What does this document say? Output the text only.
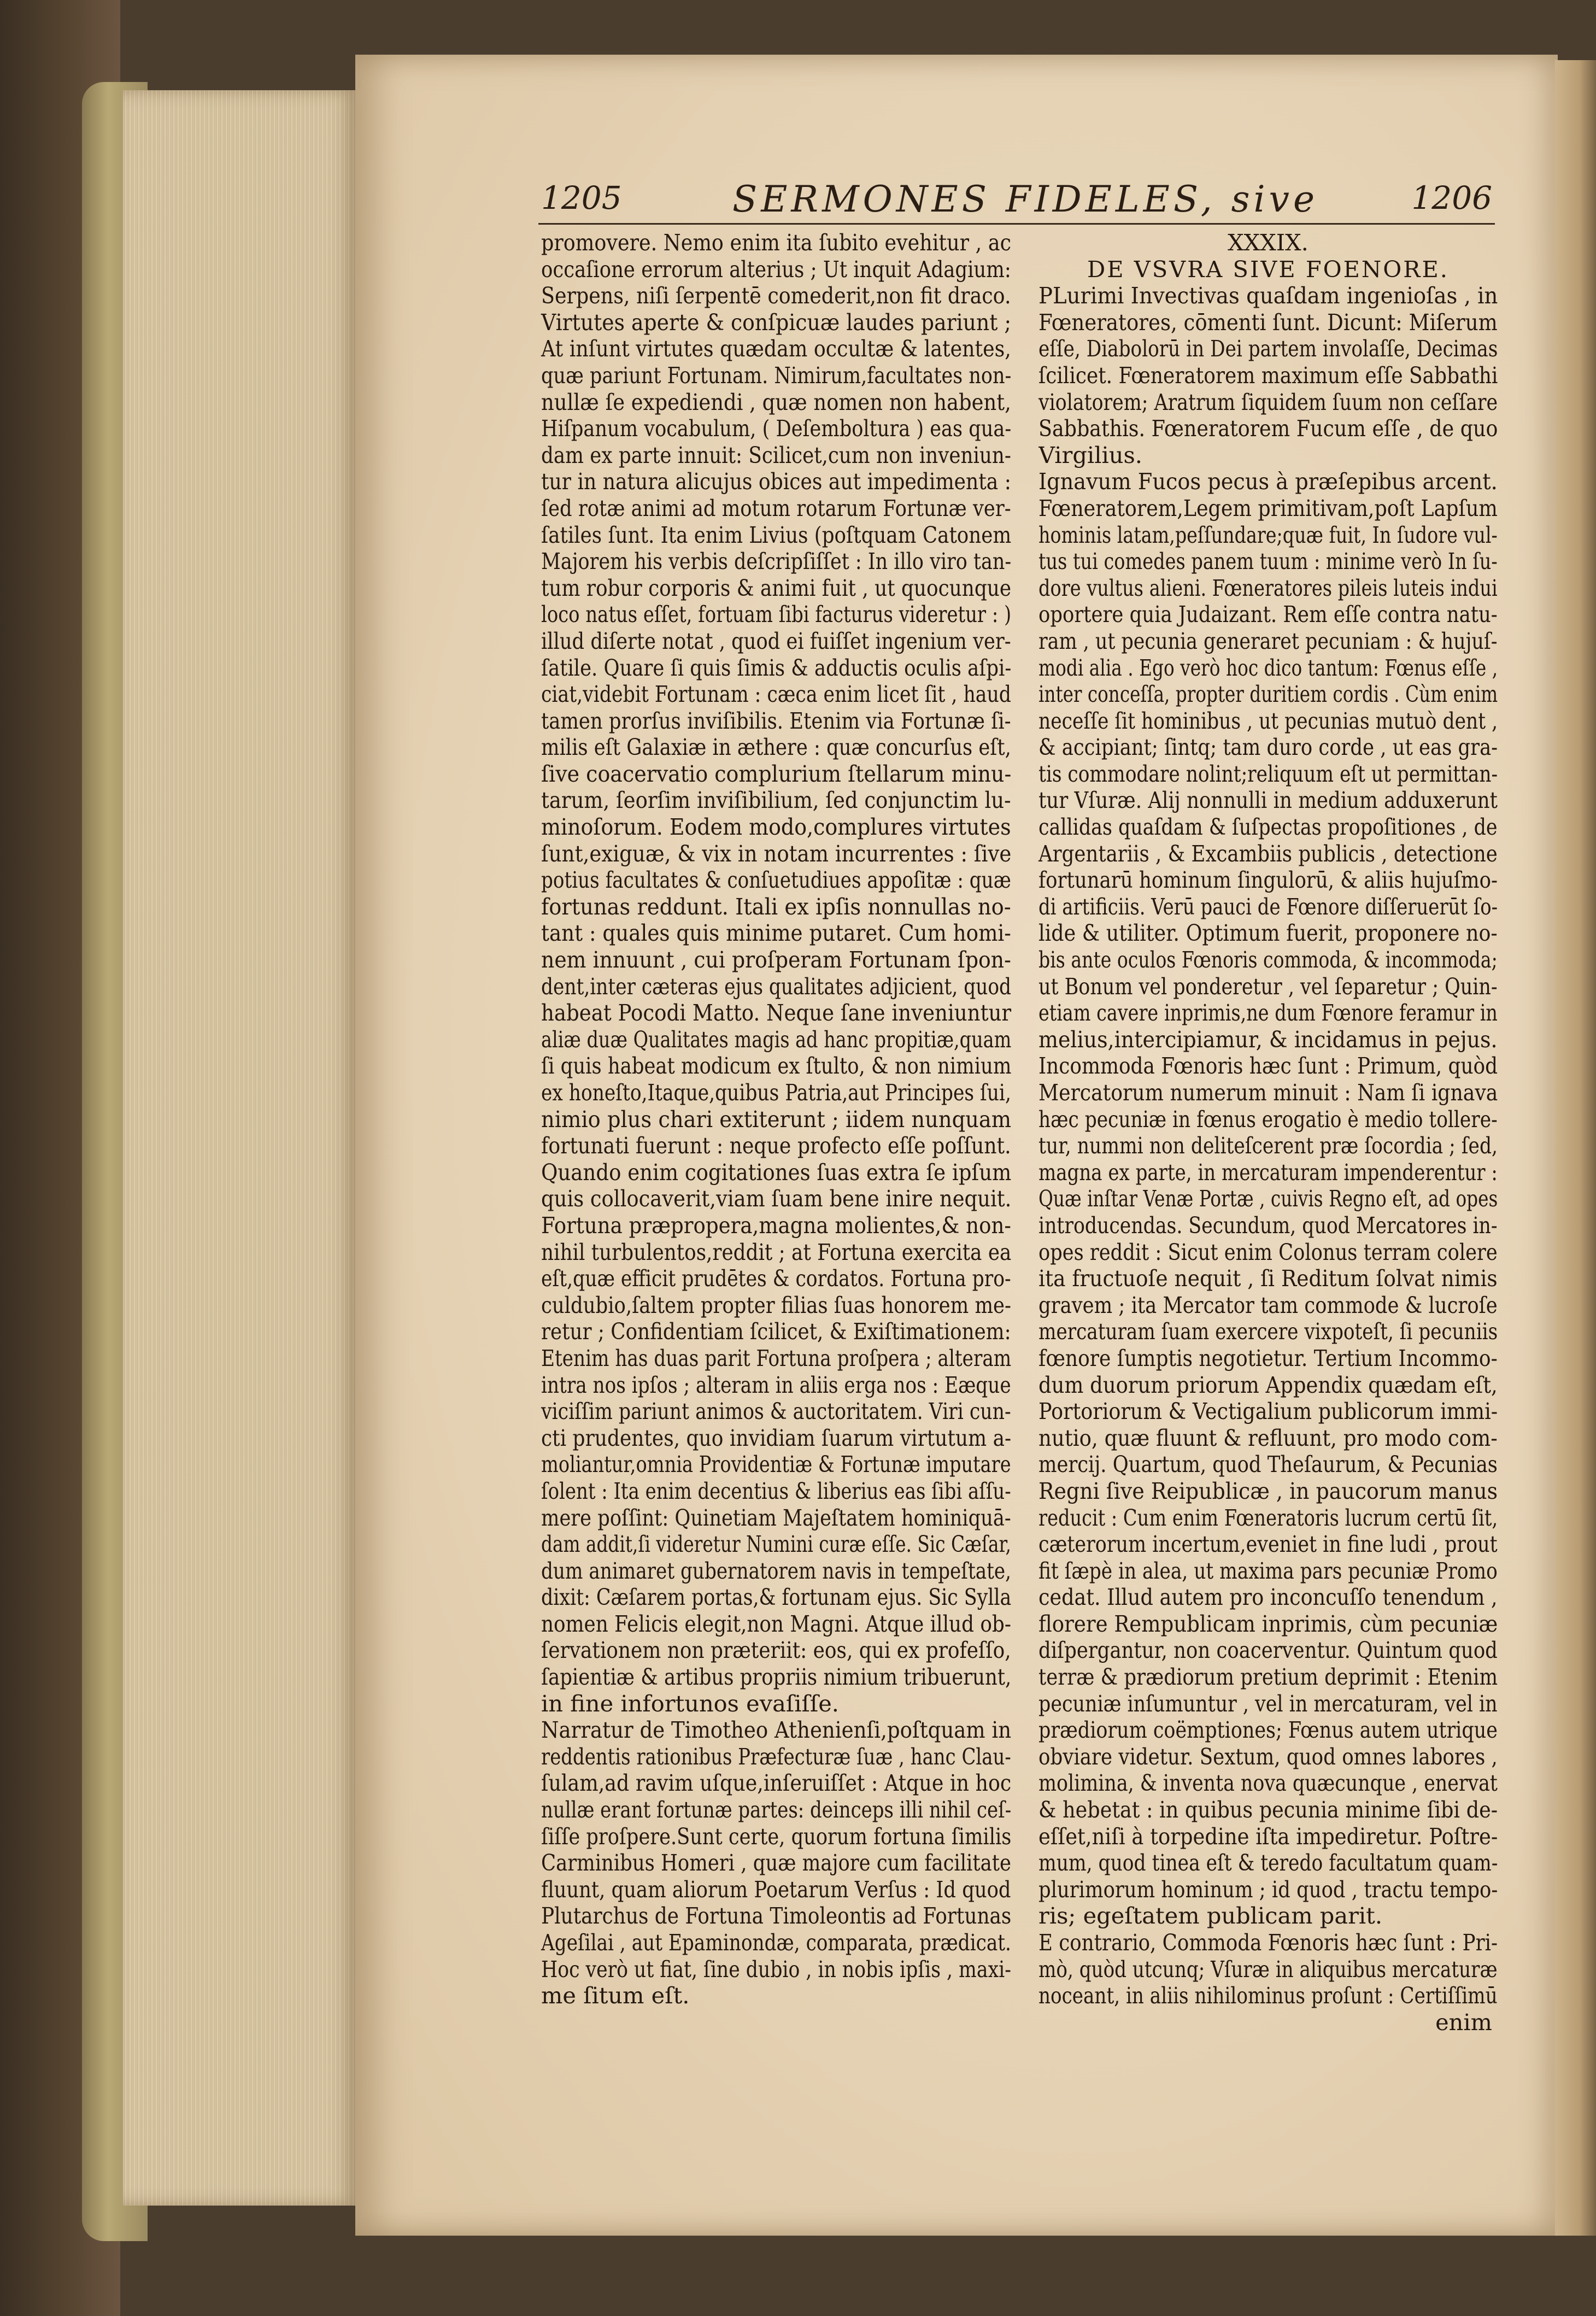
1205	SERMONES FIDELES, sive	1206
promovere. Nemo enim ita ſubito evehitur , ac
occaſione errorum alterius ; Ut inquit Adagium:
Serpens, niſi ſerpentē comederit,non fit draco.
Virtutes aperte & conſpicuæ laudes pariunt ;
At inſunt virtutes quædam occultæ & latentes,
quæ pariunt Fortunam. Nimirum,facultates non-
nullæ ſe expediendi , quæ nomen non habent,
Hiſpanum vocabulum, ( Deſemboltura ) eas qua-
dam ex parte innuit: Scilicet,cum non inveniun-
tur in natura alicujus obices aut impedimenta :
ſed rotæ animi ad motum rotarum Fortunæ ver-
ſatiles ſunt. Ita enim Livius (poſtquam Catonem
Majorem his verbis deſcripſiſſet : In illo viro tan-
tum robur corporis & animi fuit , ut quocunque
loco natus eſſet, fortuam ſibi facturus videretur : )
illud diſerte notat , quod ei fuiſſet ingenium ver-
ſatile. Quare ſi quis ſimis & adductis oculis aſpi-
ciat,videbit Fortunam : cæca enim licet ſit , haud
tamen prorſus inviſibilis. Etenim via Fortunæ ſi-
milis eſt Galaxiæ in æthere : quæ concurſus eſt,
ſive coacervatio complurium ſtellarum minu-
tarum, ſeorſim inviſibilium, ſed conjunctim lu-
minoſorum. Eodem modo,complures virtutes
ſunt,exiguæ, & vix in notam incurrentes : ſive
potius facultates & conſuetudiues appoſitæ : quæ
fortunas reddunt. Itali ex ipſis nonnullas no-
tant : quales quis minime putaret. Cum homi-
nem innuunt , cui proſperam Fortunam ſpon-
dent,inter cæteras ejus qualitates adjicient, quod
habeat Pocodi Matto. Neque ſane inveniuntur
aliæ duæ Qualitates magis ad hanc propitiæ,quam
ſi quis habeat modicum ex ſtulto, & non nimium
ex honeſto,Itaque,quibus Patria,aut Principes ſui,
nimio plus chari extiterunt ; iidem nunquam
fortunati fuerunt : neque profecto eſſe poſſunt.
Quando enim cogitationes ſuas extra ſe ipſum
quis collocaverit,viam ſuam bene inire nequit.
Fortuna præpropera,magna molientes,& non-
nihil turbulentos,reddit ; at Fortuna exercita ea
eſt,quæ efficit prudētes & cordatos. Fortuna pro-
culdubio,ſaltem propter filias ſuas honorem me-
retur ; Confidentiam ſcilicet, & Exiſtimationem:
Etenim has duas parit Fortuna proſpera ; alteram
intra nos ipſos ; alteram in aliis erga nos : Eæque
viciſſim pariunt animos & auctoritatem. Viri cun-
cti prudentes, quo invidiam ſuarum virtutum a-
moliantur,omnia Providentiæ & Fortunæ imputare
ſolent : Ita enim decentius & liberius eas ſibi aſſu-
mere poſſint: Quinetiam Majeſtatem hominiquā-
dam addit,ſi videretur Numini curæ eſſe. Sic Cæſar,
dum animaret gubernatorem navis in tempeſtate,
dixit: Cæſarem portas,& fortunam ejus. Sic Sylla
nomen Felicis elegit,non Magni. Atque illud ob-
ſervationem non præteriit: eos, qui ex profeſſo,
ſapientiæ & artibus propriis nimium tribuerunt,
in fine infortunos evaſiſſe.
Narratur de Timotheo Athenienſi,poſtquam in
reddentis rationibus Præfecturæ ſuæ , hanc Clau-
ſulam,ad ravim uſque,inſeruiſſet : Atque in hoc
nullæ erant fortunæ partes: deinceps illi nihil ceſ-
ſiſſe proſpere.Sunt certe, quorum fortuna ſimilis
Carminibus Homeri , quæ majore cum facilitate
fluunt, quam aliorum Poetarum Verſus : Id quod
Plutarchus de Fortuna Timoleontis ad Fortunas
Ageſilai , aut Epaminondæ, comparata, prædicat.
Hoc verò ut fiat, ſine dubio , in nobis ipſis , maxi-
me ſitum eſt.
XXXIX.
DE VSVRA SIVE FOENORE.
PLurimi Invectivas quaſdam ingenioſas , in
Fœneratores, cōmenti ſunt. Dicunt: Miſerum
eſſe, Diabolorū in Dei partem involaſſe, Decimas
ſcilicet. Fœneratorem maximum eſſe Sabbathi
violatorem; Aratrum ſiquidem ſuum non ceſſare
Sabbathis. Fœneratorem Fucum eſſe , de quo
Virgilius.
Ignavum Fucos pecus à præſepibus arcent.
Fœneratorem,Legem primitivam,poſt Lapſum
hominis latam,peſſundare;quæ fuit, In ſudore vul-
tus tui comedes panem tuum : minime verò In ſu-
dore vultus alieni. Fœneratores pileis luteis indui
oportere quia Judaizant. Rem eſſe contra natu-
ram , ut pecunia generaret pecuniam : & hujuſ-
modi alia . Ego verò hoc dico tantum: Fœnus eſſe ,
inter conceſſa, propter duritiem cordis . Cùm enim
neceſſe ſit hominibus , ut pecunias mutuò dent ,
& accipiant; ſintq; tam duro corde , ut eas gra-
tis commodare nolint;reliquum eſt ut permittan-
tur Vſuræ. Alij nonnulli in medium adduxerunt
callidas quaſdam & ſuſpectas propoſitiones , de
Argentariis , & Excambiis publicis , detectione
fortunarū hominum ſingulorū, & aliis hujuſmo-
di artificiis. Verū pauci de Fœnore diſſeruerūt ſo-
lide & utiliter. Optimum fuerit, proponere no-
bis ante oculos Fœnoris commoda, & incommoda;
ut Bonum vel ponderetur , vel ſeparetur ; Quin-
etiam cavere inprimis,ne dum Fœnore feramur in
melius,intercipiamur, & incidamus in pejus.
Incommoda Fœnoris hæc ſunt : Primum, quòd
Mercatorum numerum minuit : Nam ſi ignava
hæc pecuniæ in fœnus erogatio è medio tollere-
tur, nummi non delitеſcerent præ ſocordia ; ſed,
magna ex parte, in mercaturam impenderentur :
Quæ inſtar Venæ Portæ , cuivis Regno eſt, ad opes
introducendas. Secundum, quod Mercatores in-
opes reddit : Sicut enim Colonus terram colere
ita fructuoſe nequit , ſi Reditum ſolvat nimis
gravem ; ita Mercator tam commode & lucroſe
mercaturam ſuam exercere vixpoteſt, ſi pecuniis
fœnore ſumptis negotietur. Tertium Incommo-
dum duorum priorum Appendix quædam eſt,
Portoriorum & Vectigalium publicorum immi-
nutio, quæ fluunt & refluunt, pro modo com-
mercij. Quartum, quod Theſaurum, & Pecunias
Regni ſive Reipublicæ , in paucorum manus
reducit : Cum enim Fœneratoris lucrum certū ſit,
cæterorum incertum,eveniet in fine ludi , prout
fit ſæpè in alea, ut maxima pars pecuniæ Promo
cedat. Illud autem pro inconcuſſo tenendum ,
florere Rempublicam inprimis, cùm pecuniæ
diſpergantur, non coacerventur. Quintum quod
terræ & prædiorum pretium deprimit : Etenim
pecuniæ inſumuntur , vel in mercaturam, vel in
prædiorum coëmptiones; Fœnus autem utrique
obviare videtur. Sextum, quod omnes labores ,
molimina, & inventa nova quæcunque , enervat
& hebetat : in quibus pecunia minime ſibi de-
eſſet,niſi à torpedine iſta impediretur. Poſtre-
mum, quod tinea eſt & teredo facultatum quam-
plurimorum hominum ; id quod , tractu tempo-
ris; egeſtatem publicam parit.
E contrario, Commoda Fœnoris hæc ſunt : Pri-
mò, quòd utcunq; Vſuræ in aliquibus mercaturæ
noceant, in aliis nihilominus proſunt : Certiſſimū
enim
